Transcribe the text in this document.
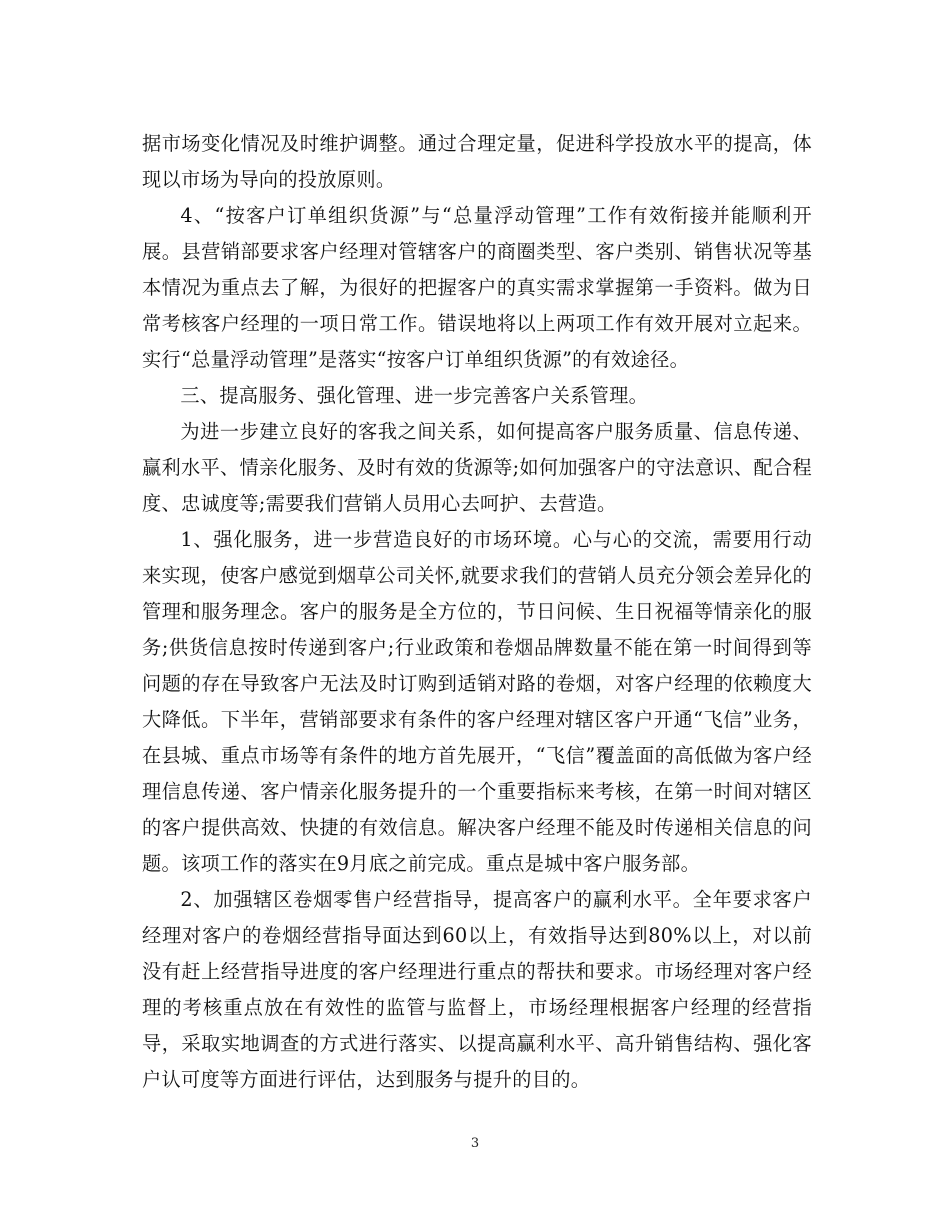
据市场变化情况及时维护调整。通过合理定量，促进科学投放水平的提高，体现以市场为导向的投放原则。

4、“按客户订单组织货源”与“总量浮动管理”工作有效衔接并能顺利开展。县营销部要求客户经理对管辖客户的商圈类型、客户类别、销售状况等基本情况为重点去了解，为很好的把握客户的真实需求掌握第一手资料。做为日常考核客户经理的一项日常工作。错误地将以上两项工作有效开展对立起来。实行“总量浮动管理”是落实“按客户订单组织货源”的有效途径。

三、提高服务、强化管理、进一步完善客户关系管理。

为进一步建立良好的客我之间关系，如何提高客户服务质量、信息传递、赢利水平、情亲化服务、及时有效的货源等;如何加强客户的守法意识、配合程度、忠诚度等;需要我们营销人员用心去呵护、去营造。

1、强化服务，进一步营造良好的市场环境。心与心的交流，需要用行动来实现，使客户感觉到烟草公司关怀,就要求我们的营销人员充分领会差异化的管理和服务理念。客户的服务是全方位的，节日问候、生日祝福等情亲化的服务;供货信息按时传递到客户;行业政策和卷烟品牌数量不能在第一时间得到等问题的存在导致客户无法及时订购到适销对路的卷烟，对客户经理的依赖度大大降低。下半年，营销部要求有条件的客户经理对辖区客户开通“飞信”业务，在县城、重点市场等有条件的地方首先展开，“飞信”覆盖面的高低做为客户经理信息传递、客户情亲化服务提升的一个重要指标来考核，在第一时间对辖区的客户提供高效、快捷的有效信息。解决客户经理不能及时传递相关信息的问题。该项工作的落实在9月底之前完成。重点是城中客户服务部。

2、加强辖区卷烟零售户经营指导，提高客户的赢利水平。全年要求客户经理对客户的卷烟经营指导面达到60以上，有效指导达到80%以上，对以前没有赶上经营指导进度的客户经理进行重点的帮扶和要求。市场经理对客户经理的考核重点放在有效性的监管与监督上，市场经理根据客户经理的经营指导，采取实地调查的方式进行落实、以提高赢利水平、高升销售结构、强化客户认可度等方面进行评估，达到服务与提升的目的。

3
